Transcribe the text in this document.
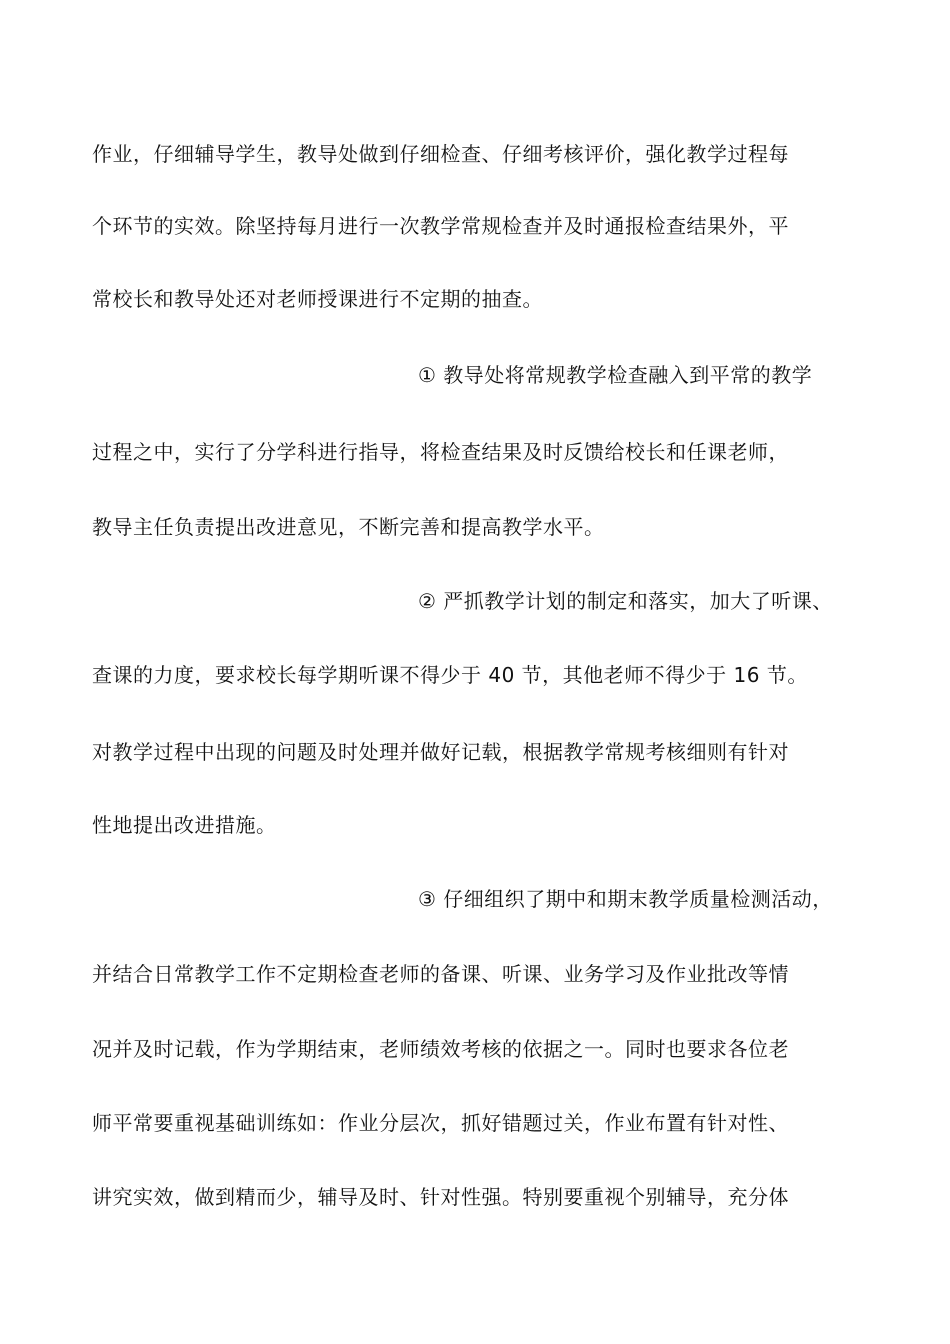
作业，仔细辅导学生，教导处做到仔细检查、仔细考核评价，强化教学过程每
个环节的实效。除坚持每月进行一次教学常规检查并及时通报检查结果外，平
常校长和教导处还对老师授课进行不定期的抽查。
① 教导处将常规教学检查融入到平常的教学
过程之中，实行了分学科进行指导，将检查结果及时反馈给校长和任课老师，
教导主任负责提出改进意见，不断完善和提高教学水平。
② 严抓教学计划的制定和落实，加大了听课、
查课的力度，要求校长每学期听课不得少于 40 节，其他老师不得少于 16 节。
对教学过程中出现的问题及时处理并做好记载，根据教学常规考核细则有针对
性地提出改进措施。
③ 仔细组织了期中和期末教学质量检测活动，
并结合日常教学工作不定期检查老师的备课、听课、业务学习及作业批改等情
况并及时记载，作为学期结束，老师绩效考核的依据之一。同时也要求各位老
师平常要重视基础训练如：作业分层次，抓好错题过关，作业布置有针对性、
讲究实效，做到精而少，辅导及时、针对性强。特别要重视个别辅导，充分体
